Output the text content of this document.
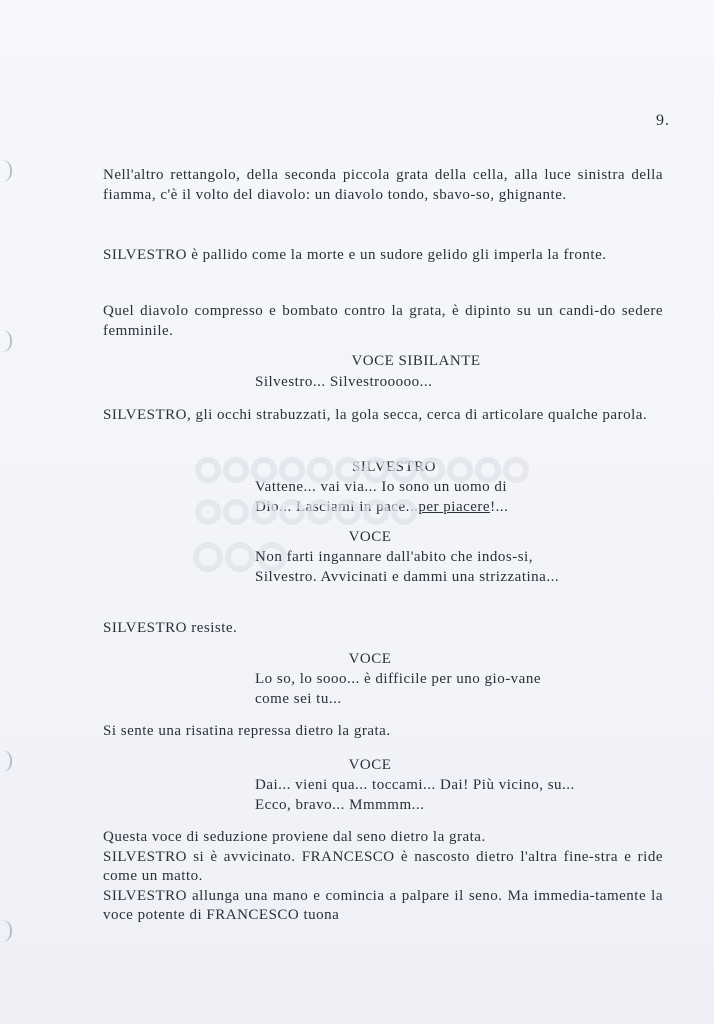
9.

Nell'altro rettangolo, della seconda piccola grata della cella, alla luce sinistra della fiamma, c'è il volto del diavolo: un diavolo tondo, sbavo-so, ghignante.

SILVESTRO è pallido come la morte e un sudore gelido gli imperla la fronte.

Quel diavolo compresso e bombato contro la grata, è dipinto su un candi-do sedere femminile.

VOCE SIBILANTE
Silvestro... Silvestrooooo...

SILVESTRO, gli occhi strabuzzati, la gola secca, cerca di articolare qualche parola.

SILVESTRO
Vattene... vai via... Io sono un uomo di
Dio... Lasciami in pace...per piacere!...
VOCE
Non farti ingannare dall'abito che indos-si, Silvestro. Avvicinati e dammi una strizzatina...

SILVESTRO resiste.

VOCE
Lo so, lo sooo... è difficile per uno gio-vane come sei tu...

Si sente una risatina repressa dietro la grata.

VOCE
Dai... vieni qua... toccami... Dai! Più vicino, su... Ecco, bravo... Mmmmm...

Questa voce di seduzione proviene dal seno dietro la grata.

SILVESTRO si è avvicinato. FRANCESCO è nascosto dietro l'altra fine-stra e ride come un matto.

SILVESTRO allunga una mano e comincia a palpare il seno. Ma immedia-tamente la voce potente di FRANCESCO tuona
